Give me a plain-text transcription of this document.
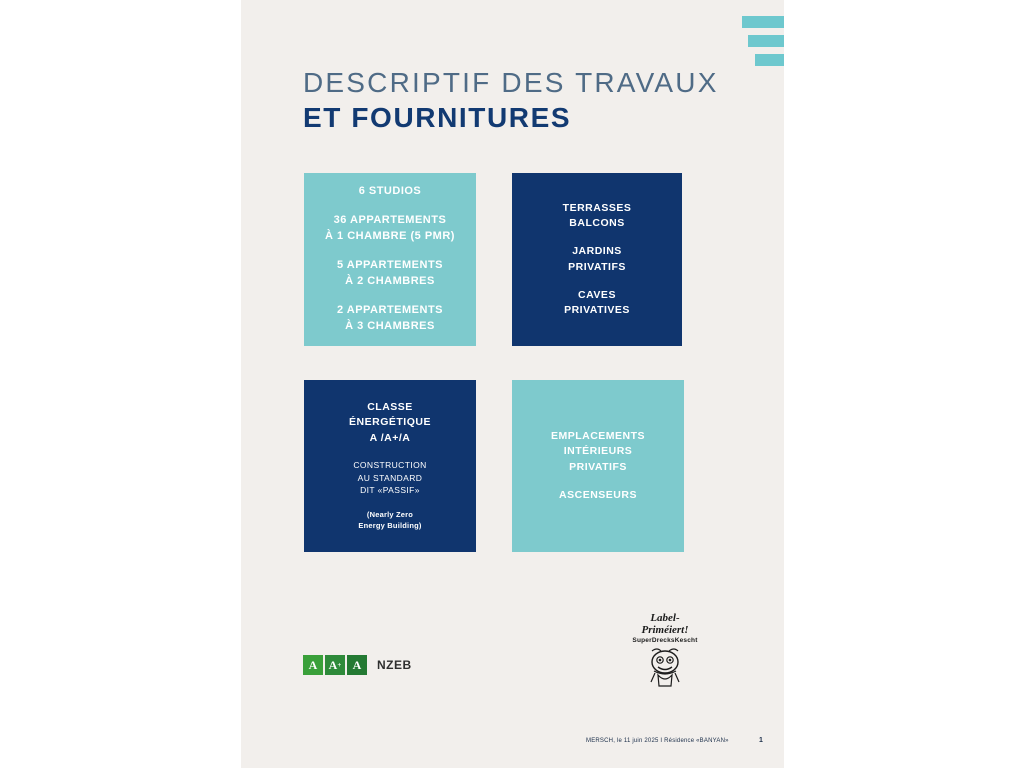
DESCRIPTIF DES TRAVAUX
ET FOURNITURES
6 STUDIOS
36 APPARTEMENTS
À 1 CHAMBRE (5 PMR)
5 APPARTEMENTS
À 2 CHAMBRES
2 APPARTEMENTS
À 3 CHAMBRES
TERRASSES
BALCONS
JARDINS
PRIVATIFS
CAVES
PRIVATIVES
CLASSE
ÉNERGÉTIQUE
A /A+/A
CONSTRUCTION
AU STANDARD
DIT «PASSIF»
(Nearly Zero
Energy Building)
EMPLACEMENTS
INTÉRIEURS
PRIVATIFS
ASCENSEURS
A A + A	NZEB
Label-
Priméiert!
SuperDrecksKescht
MERSCH, le 11 juin 2025 I Résidence «BANYAN»	1
